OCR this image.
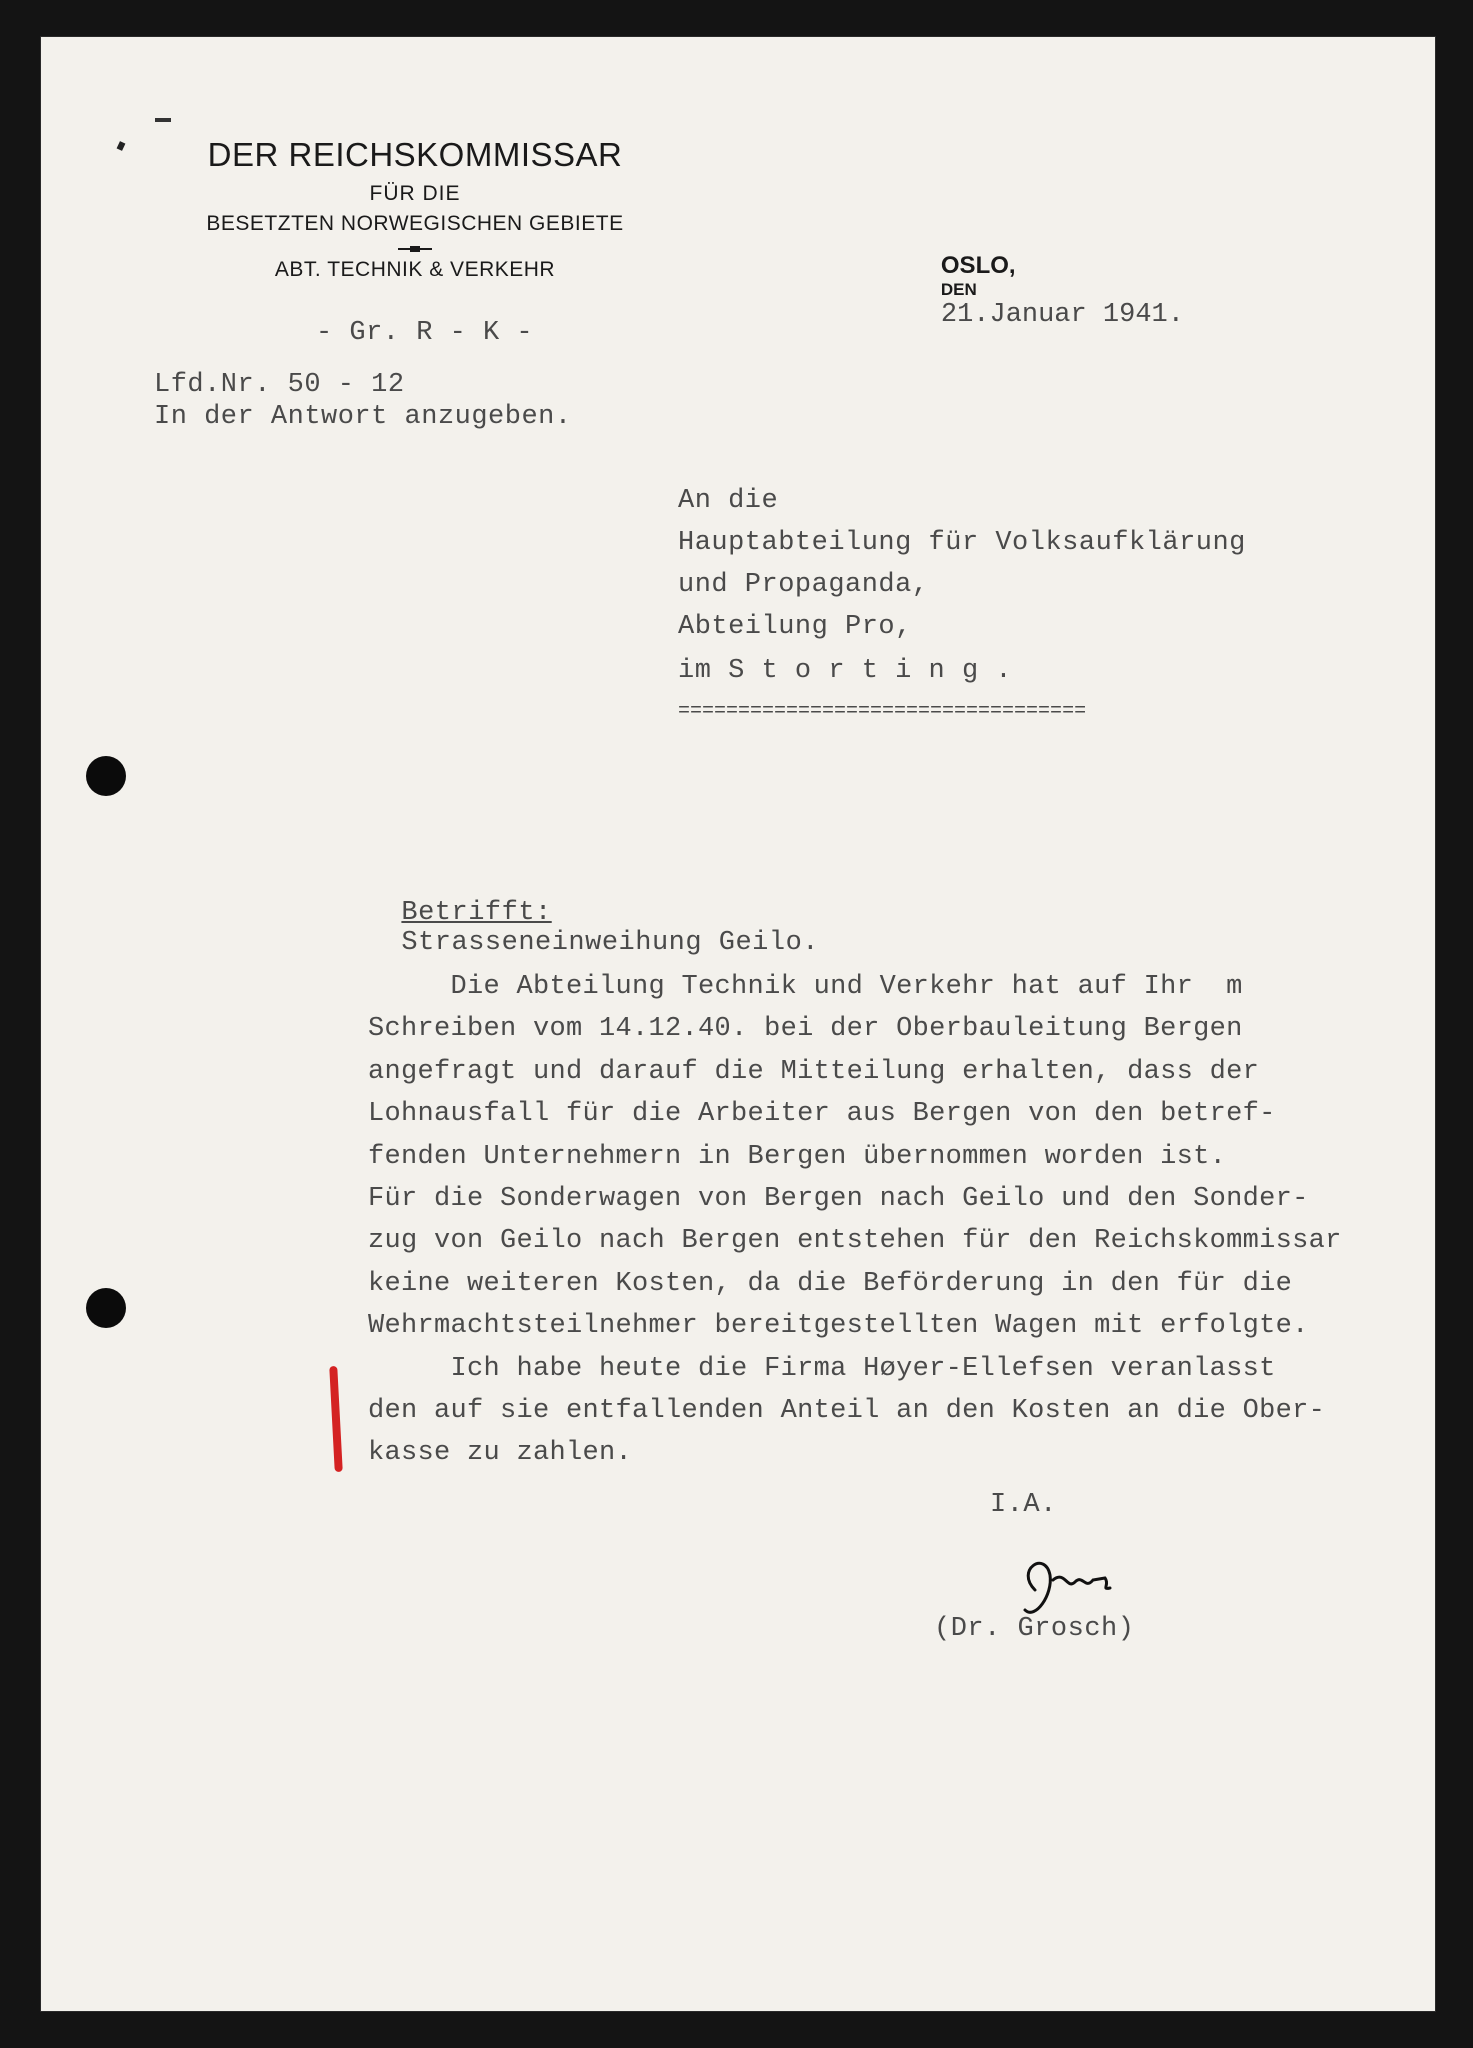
DER REICHSKOMMISSAR
FÜR DIE
BESETZTEN NORWEGISCHEN GEBIETE
ABT. TECHNIK & VERKEHR	OSLO,
DEN
21.Januar 1941.

- Gr. R - K -
Lfd.Nr. 50 - 12
In der Antwort anzugeben.
An die
Hauptabteilung für Volksaufklärung
und Propaganda,
Abteilung Pro,
im S t o r t i n g .
==================================

Betrifft:
Strasseneinweihung Geilo.

Die Abteilung Technik und Verkehr hat auf Ihr  m
Schreiben vom 14.12.40. bei der Oberbauleitung Bergen
angefragt und darauf die Mitteilung erhalten, dass der
Lohnausfall für die Arbeiter aus Bergen von den betref-
fenden Unternehmern in Bergen übernommen worden ist.
Für die Sonderwagen von Bergen nach Geilo und den Sonder-
zug von Geilo nach Bergen entstehen für den Reichskommissar
keine weiteren Kosten, da die Beförderung in den für die
Wehrmachtsteilnehmer bereitgestellten Wagen mit erfolgte.
Ich habe heute die Firma Høyer-Ellefsen veranlasst
den auf sie entfallenden Anteil an den Kosten an die Ober-
kasse zu zahlen.
I.A.
(Dr. Grosch)
